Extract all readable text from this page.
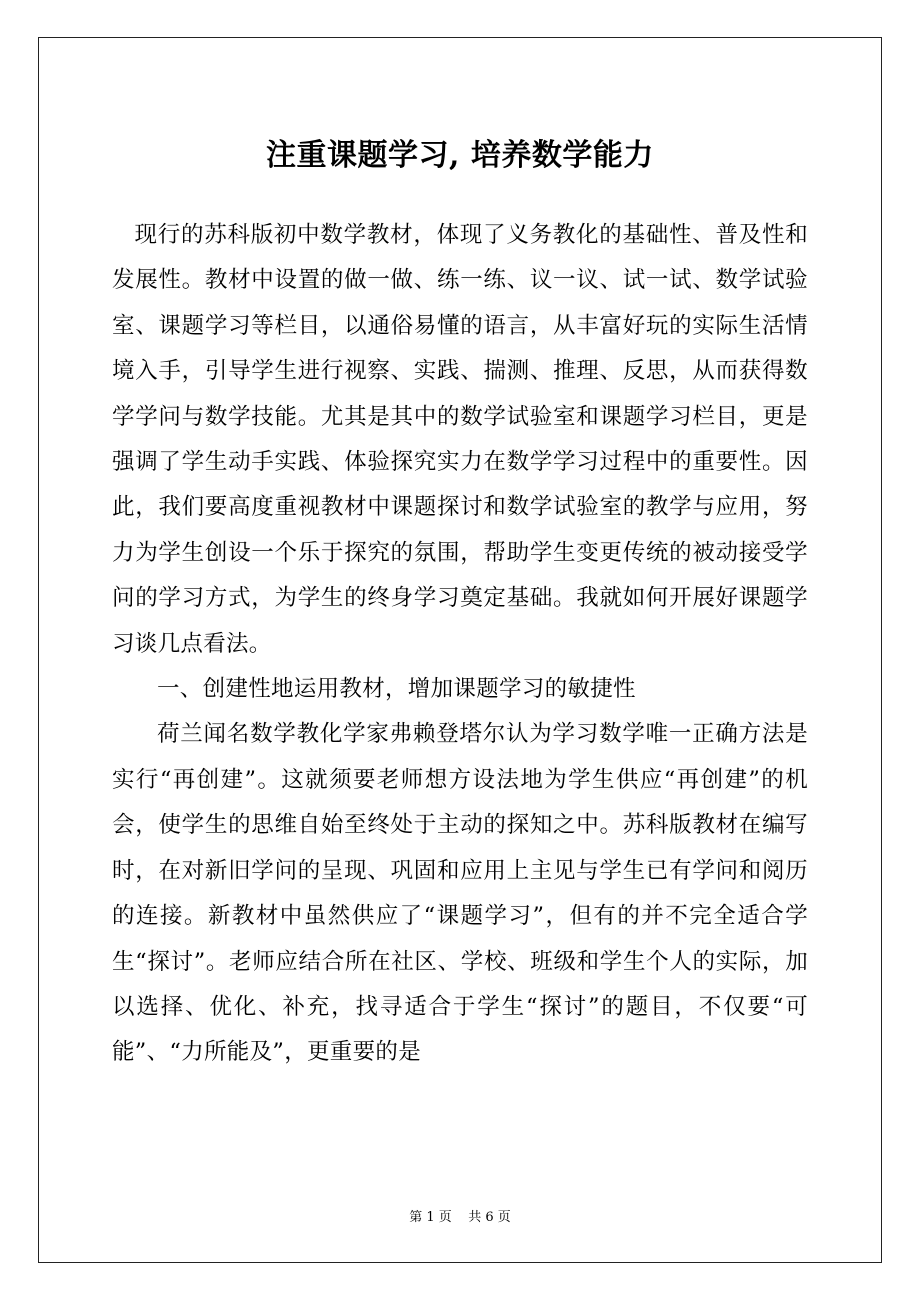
注重课题学习, 培养数学能力

现行的苏科版初中数学教材，体现了义务教化的基础性、普及性和发展性。教材中设置的做一做、练一练、议一议、试一试、数学试验室、课题学习等栏目，以通俗易懂的语言，从丰富好玩的实际生活情境入手，引导学生进行视察、实践、揣测、推理、反思，从而获得数学学问与数学技能。尤其是其中的数学试验室和课题学习栏目，更是强调了学生动手实践、体验探究实力在数学学习过程中的重要性。因此，我们要高度重视教材中课题探讨和数学试验室的教学与应用，努力为学生创设一个乐于探究的氛围，帮助学生变更传统的被动接受学问的学习方式，为学生的终身学习奠定基础。我就如何开展好课题学习谈几点看法。

一、创建性地运用教材，增加课题学习的敏捷性

荷兰闻名数学教化学家弗赖登塔尔认为学习数学唯一正确方法是实行“再创建”。这就须要老师想方设法地为学生供应“再创建”的机会，使学生的思维自始至终处于主动的探知之中。苏科版教材在编写时，在对新旧学问的呈现、巩固和应用上主见与学生已有学问和阅历的连接。新教材中虽然供应了“课题学习”，但有的并不完全适合学生“探讨”。老师应结合所在社区、学校、班级和学生个人的实际，加以选择、优化、补充，找寻适合于学生“探讨”的题目，不仅要“可能”、“力所能及”，更重要的是

第 1 页    共 6 页
